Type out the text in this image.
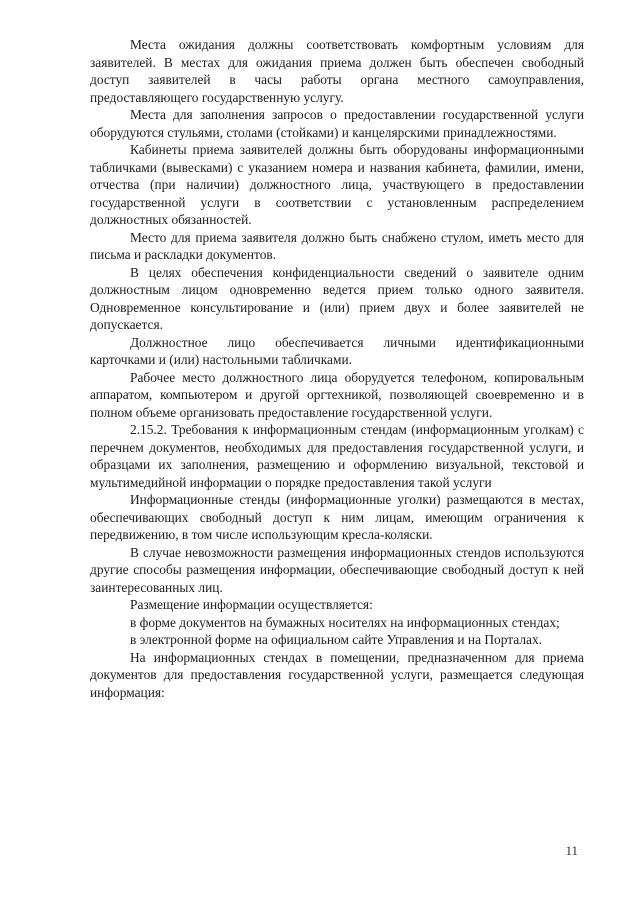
Места ожидания должны соответствовать комфортным условиям для заявителей. В местах для ожидания приема должен быть обеспечен свободный доступ заявителей в часы работы органа местного самоуправления, предоставляющего государственную услугу.

Места для заполнения запросов о предоставлении государственной услуги оборудуются стульями, столами (стойками) и канцелярскими принадлежностями.

Кабинеты приема заявителей должны быть оборудованы информационными табличками (вывесками) с указанием номера и названия кабинета, фамилии, имени, отчества (при наличии) должностного лица, участвующего в предоставлении государственной услуги в соответствии с установленным распределением должностных обязанностей.

Место для приема заявителя должно быть снабжено стулом, иметь место для письма и раскладки документов.

В целях обеспечения конфиденциальности сведений о заявителе одним должностным лицом одновременно ведется прием только одного заявителя. Одновременное консультирование и (или) прием двух и более заявителей не допускается.

Должностное лицо обеспечивается личными идентификационными карточками и (или) настольными табличками.

Рабочее место должностного лица оборудуется телефоном, копировальным аппаратом, компьютером и другой оргтехникой, позволяющей своевременно и в полном объеме организовать предоставление государственной услуги.

2.15.2. Требования к информационным стендам (информационным уголкам) с перечнем документов, необходимых для предоставления государственной услуги, и образцами их заполнения, размещению и оформлению визуальной, текстовой и мультимедийной информации о порядке предоставления такой услуги

Информационные стенды (информационные уголки) размещаются в местах, обеспечивающих свободный доступ к ним лицам, имеющим ограничения к передвижению, в том числе использующим кресла-коляски.

В случае невозможности размещения информационных стендов используются другие способы размещения информации, обеспечивающие свободный доступ к ней заинтересованных лиц.

Размещение информации осуществляется:

в форме документов на бумажных носителях на информационных стендах;

в электронной форме на официальном сайте Управления и на Порталах.

На информационных стендах в помещении, предназначенном для приема документов для предоставления государственной услуги, размещается следующая информация:

11
